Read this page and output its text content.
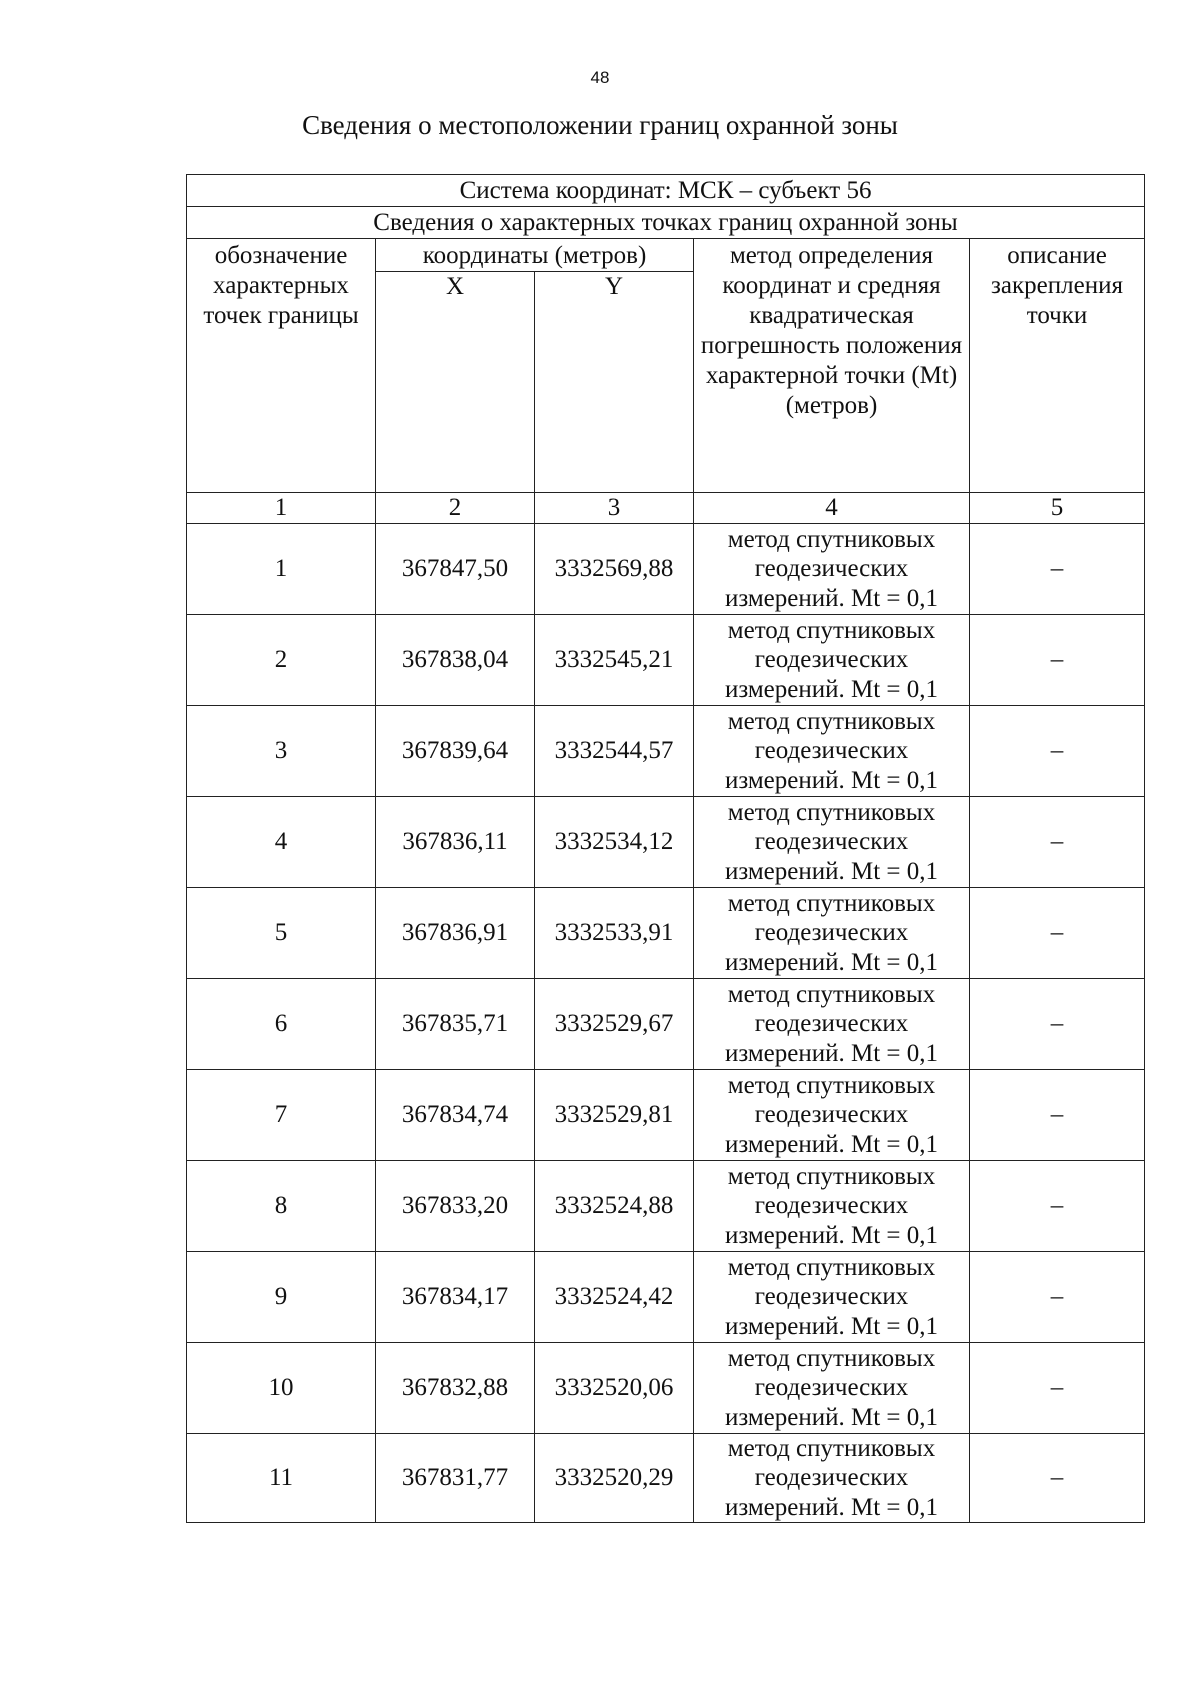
48
Сведения о местоположении границ охранной зоны
Система координат: МСК – субъект 56				
Сведения о характерных точках границ охранной зоны				
обозначение характерных точек границы	координаты (метров)		метод определения координат и средняя квадратическая погрешность положения характерной точки (Mt) (метров)	описание закрепления точки
	X	Y		
1	2	3	4	5
1	367847,50	3332569,88	метод спутниковых геодезических измерений. Mt = 0,1	–
2	367838,04	3332545,21	метод спутниковых геодезических измерений. Mt = 0,1	–
3	367839,64	3332544,57	метод спутниковых геодезических измерений. Mt = 0,1	–
4	367836,11	3332534,12	метод спутниковых геодезических измерений. Mt = 0,1	–
5	367836,91	3332533,91	метод спутниковых геодезических измерений. Mt = 0,1	–
6	367835,71	3332529,67	метод спутниковых геодезических измерений. Mt = 0,1	–
7	367834,74	3332529,81	метод спутниковых геодезических измерений. Mt = 0,1	–
8	367833,20	3332524,88	метод спутниковых геодезических измерений. Mt = 0,1	–
9	367834,17	3332524,42	метод спутниковых геодезических измерений. Mt = 0,1	–
10	367832,88	3332520,06	метод спутниковых геодезических измерений. Mt = 0,1	–
11	367831,77	3332520,29	метод спутниковых геодезических измерений. Mt = 0,1	–
